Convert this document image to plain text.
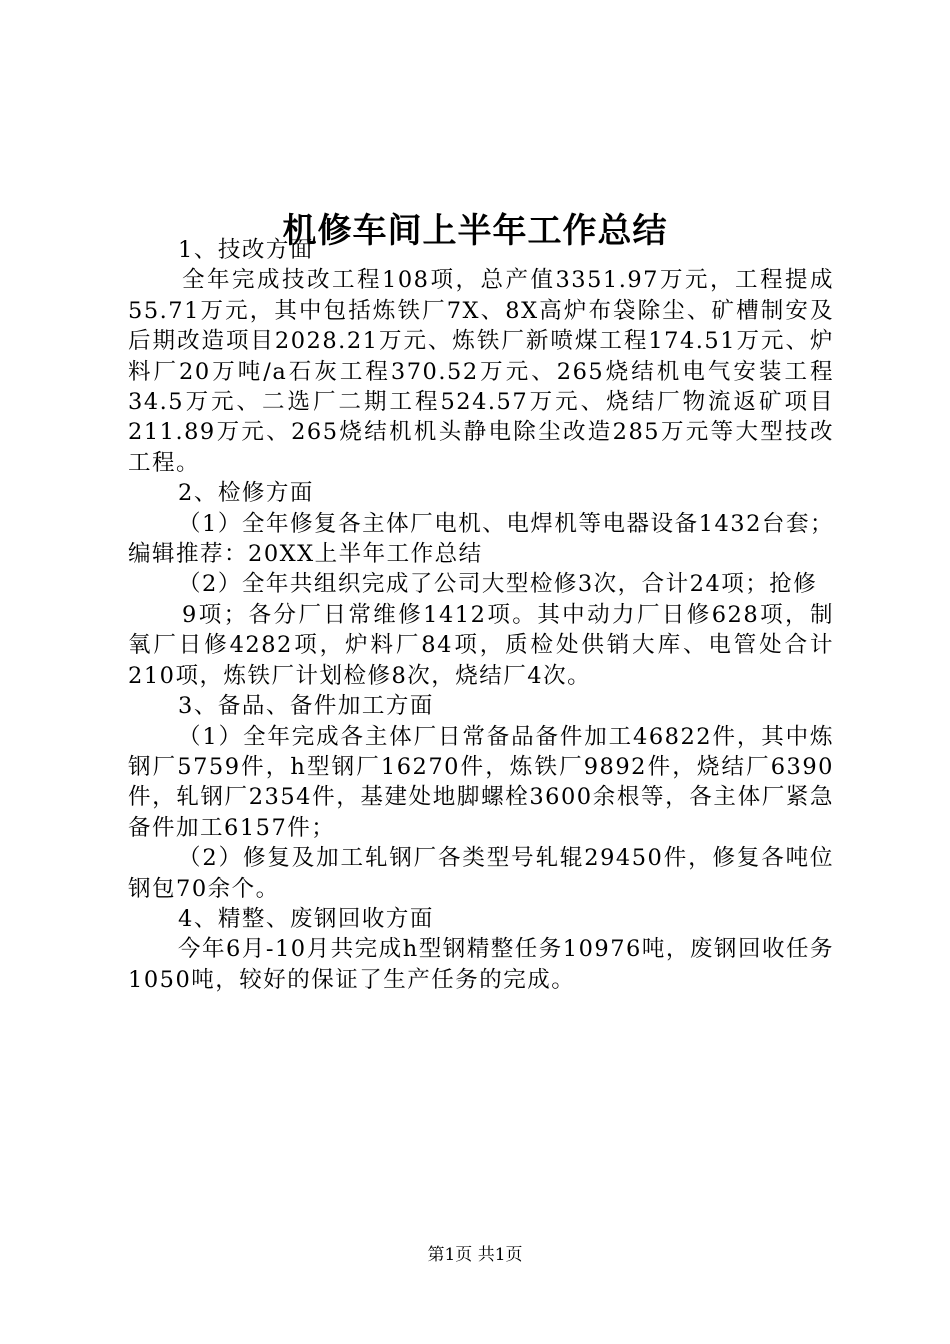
机修车间上半年工作总结

1、技改方面

全年完成技改工程108项，总产值3351.97万元，工程提成55.71万元，其中包括炼铁厂7X、8X高炉布袋除尘、矿槽制安及后期改造项目2028.21万元、炼铁厂新喷煤工程174.51万元、炉料厂20万吨/a石灰工程370.52万元、265烧结机电气安装工程34.5万元、二选厂二期工程524.57万元、烧结厂物流返矿项目211.89万元、265烧结机机头静电除尘改造285万元等大型技改工程。

2、检修方面

（1）全年修复各主体厂电机、电焊机等电器设备1432台套；编辑推荐：20XX上半年工作总结

（2）全年共组织完成了公司大型检修3次，合计24项；抢修

9项；各分厂日常维修1412项。其中动力厂日修628项，制氧厂日修4282项，炉料厂84项，质检处供销大库、电管处合计210项，炼铁厂计划检修8次，烧结厂4次。

3、备品、备件加工方面

（1）全年完成各主体厂日常备品备件加工46822件，其中炼钢厂5759件，h型钢厂16270件，炼铁厂9892件，烧结厂6390件，轧钢厂2354件，基建处地脚螺栓3600余根等，各主体厂紧急备件加工6157件；

（2）修复及加工轧钢厂各类型号轧辊29450件，修复各吨位钢包70余个。

4、精整、废钢回收方面

今年6月-10月共完成h型钢精整任务10976吨，废钢回收任务1050吨，较好的保证了生产任务的完成。

第1页 共1页
